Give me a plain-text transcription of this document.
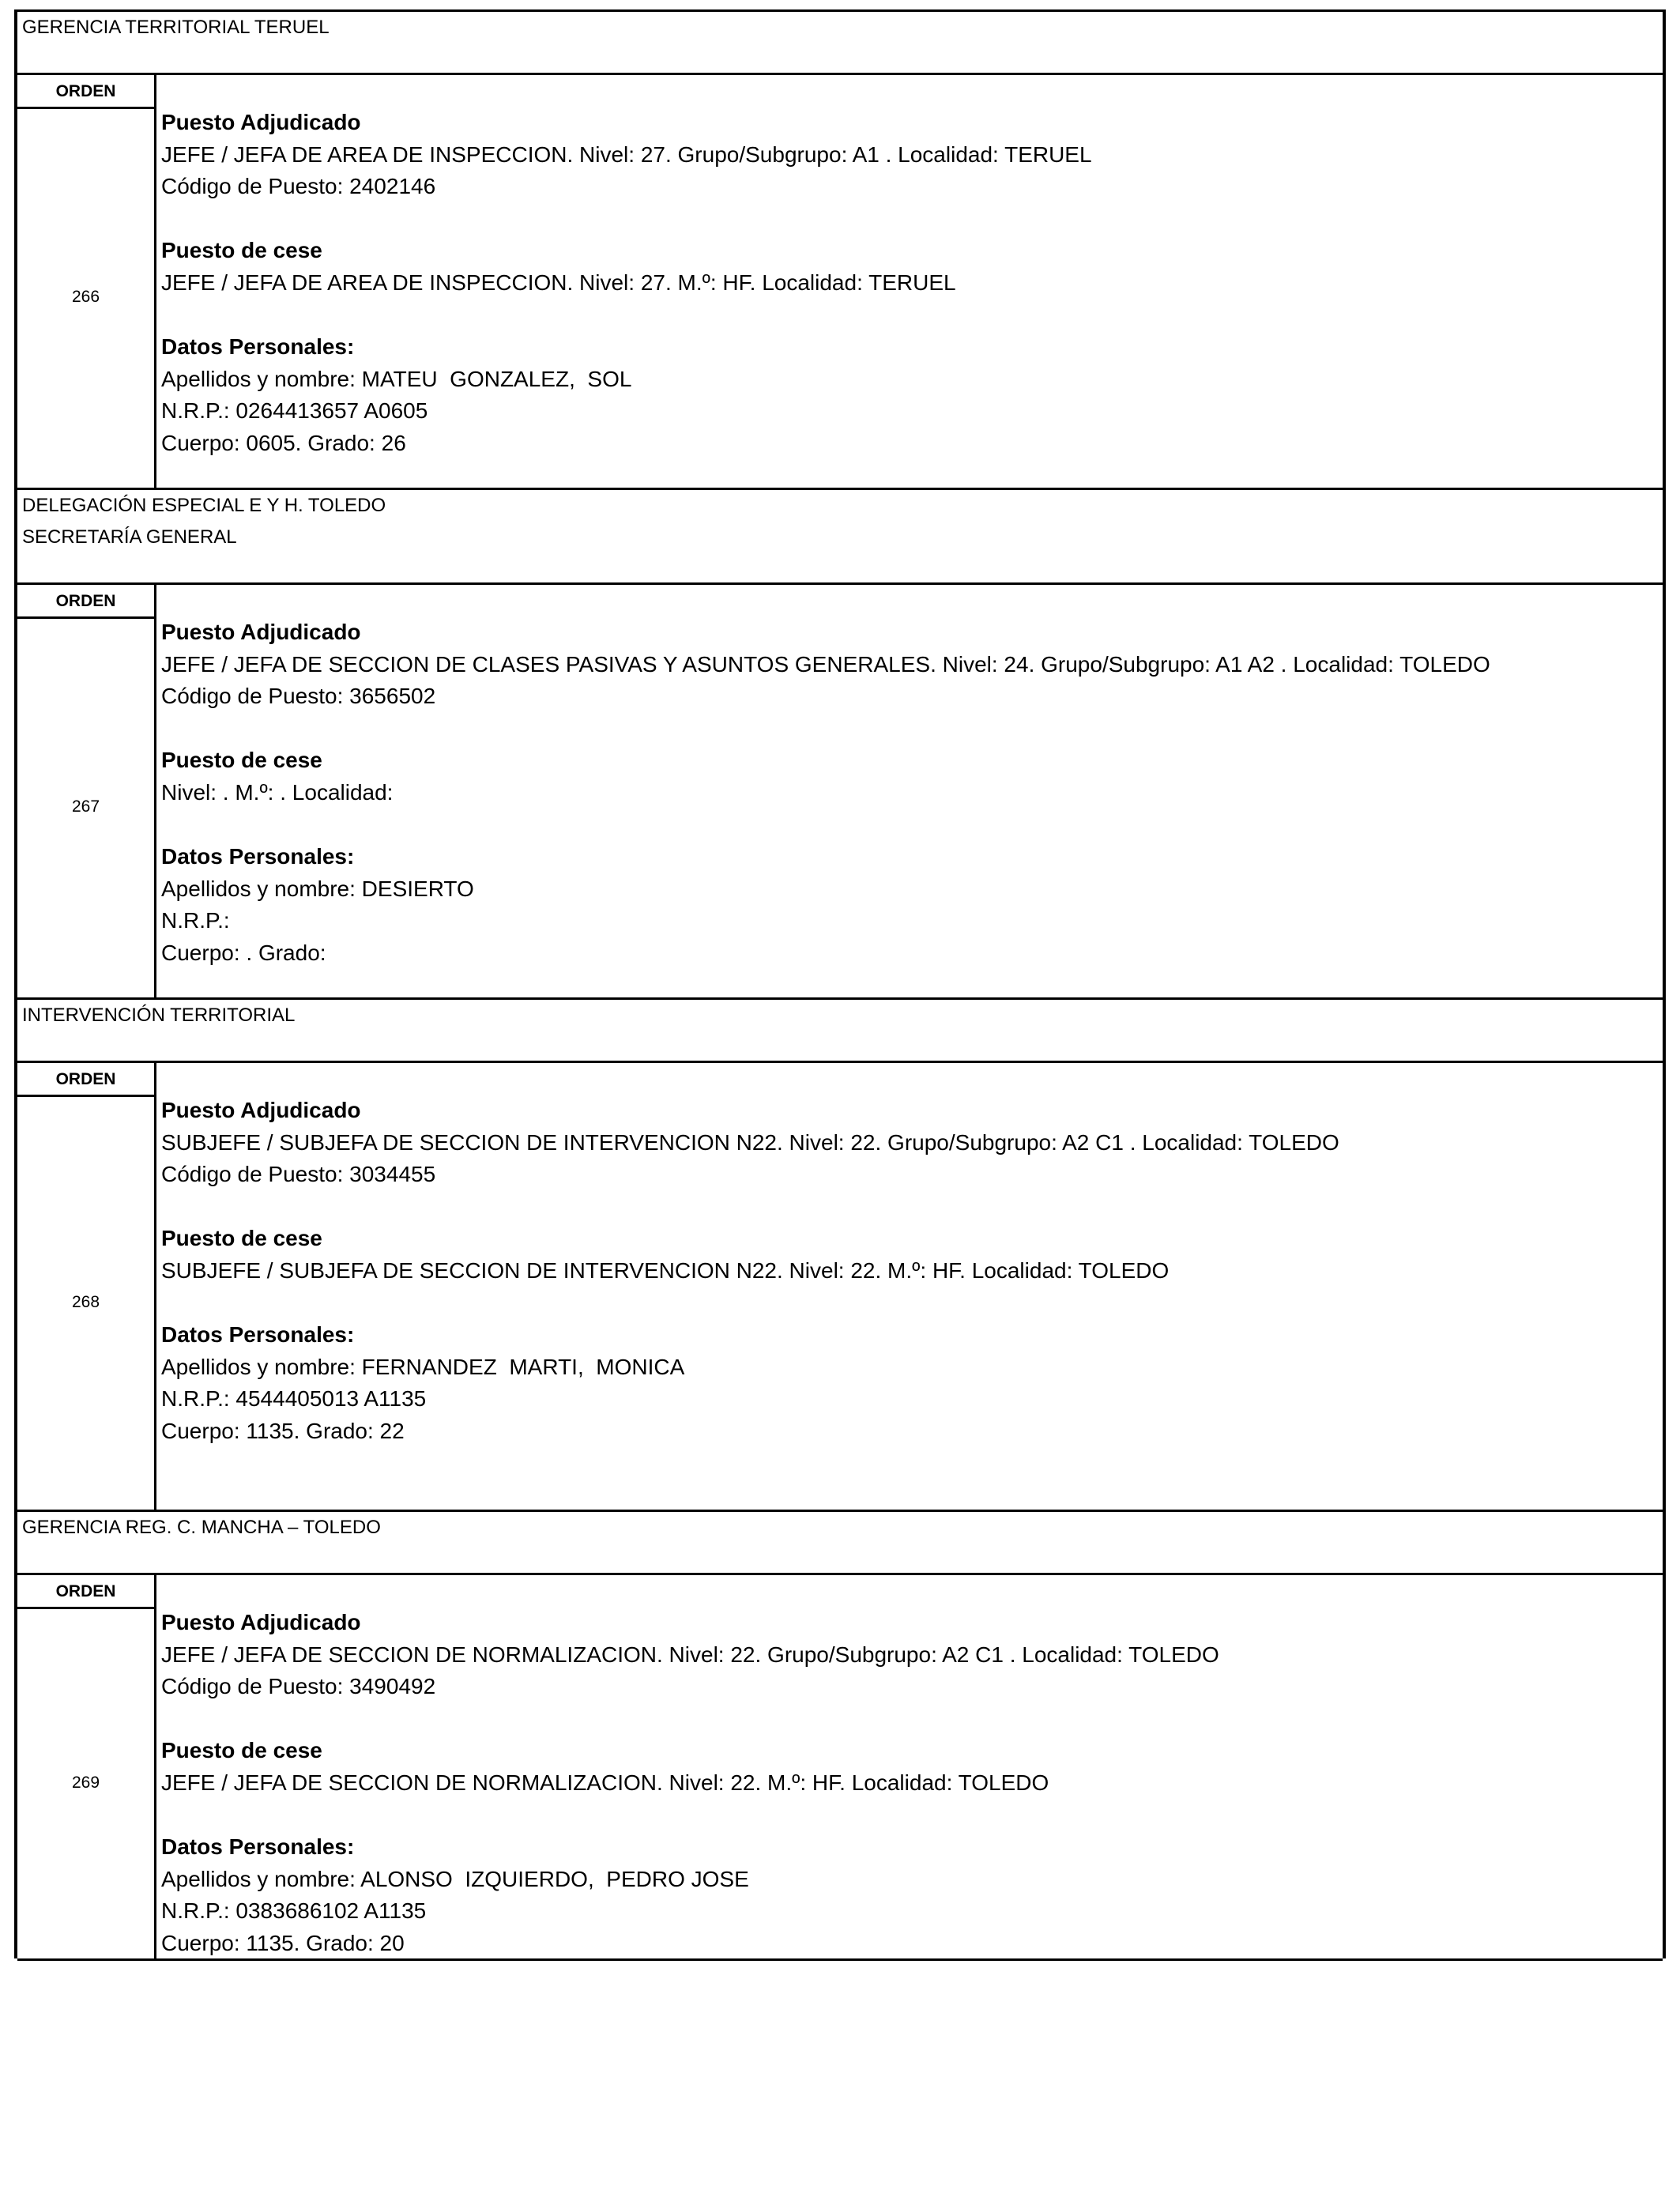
GERENCIA TERRITORIAL TERUEL
ORDEN
266
Puesto Adjudicado
JEFE / JEFA DE AREA DE INSPECCION. Nivel: 27. Grupo/Subgrupo: A1 . Localidad: TERUEL
Código de Puesto: 2402146
Puesto de cese
JEFE / JEFA DE AREA DE INSPECCION. Nivel: 27. M.º: HF. Localidad: TERUEL
Datos Personales:
Apellidos y nombre: MATEU  GONZALEZ,  SOL
N.R.P.: 0264413657 A0605
Cuerpo: 0605. Grado: 26
DELEGACIÓN ESPECIAL E Y H. TOLEDO
SECRETARÍA GENERAL
ORDEN
267
Puesto Adjudicado
JEFE / JEFA DE SECCION DE CLASES PASIVAS Y ASUNTOS GENERALES. Nivel: 24. Grupo/Subgrupo: A1 A2 . Localidad: TOLEDO
Código de Puesto: 3656502
Puesto de cese
Nivel: . M.º: . Localidad:
Datos Personales:
Apellidos y nombre: DESIERTO
N.R.P.:
Cuerpo: . Grado:
INTERVENCIÓN TERRITORIAL
ORDEN
268
Puesto Adjudicado
SUBJEFE / SUBJEFA DE SECCION DE INTERVENCION N22. Nivel: 22. Grupo/Subgrupo: A2 C1 . Localidad: TOLEDO
Código de Puesto: 3034455
Puesto de cese
SUBJEFE / SUBJEFA DE SECCION DE INTERVENCION N22. Nivel: 22. M.º: HF. Localidad: TOLEDO
Datos Personales:
Apellidos y nombre: FERNANDEZ  MARTI,  MONICA
N.R.P.: 4544405013 A1135
Cuerpo: 1135. Grado: 22
GERENCIA REG. C. MANCHA – TOLEDO
ORDEN
269
Puesto Adjudicado
JEFE / JEFA DE SECCION DE NORMALIZACION. Nivel: 22. Grupo/Subgrupo: A2 C1 . Localidad: TOLEDO
Código de Puesto: 3490492
Puesto de cese
JEFE / JEFA DE SECCION DE NORMALIZACION. Nivel: 22. M.º: HF. Localidad: TOLEDO
Datos Personales:
Apellidos y nombre: ALONSO  IZQUIERDO,  PEDRO JOSE
N.R.P.: 0383686102 A1135
Cuerpo: 1135. Grado: 20
